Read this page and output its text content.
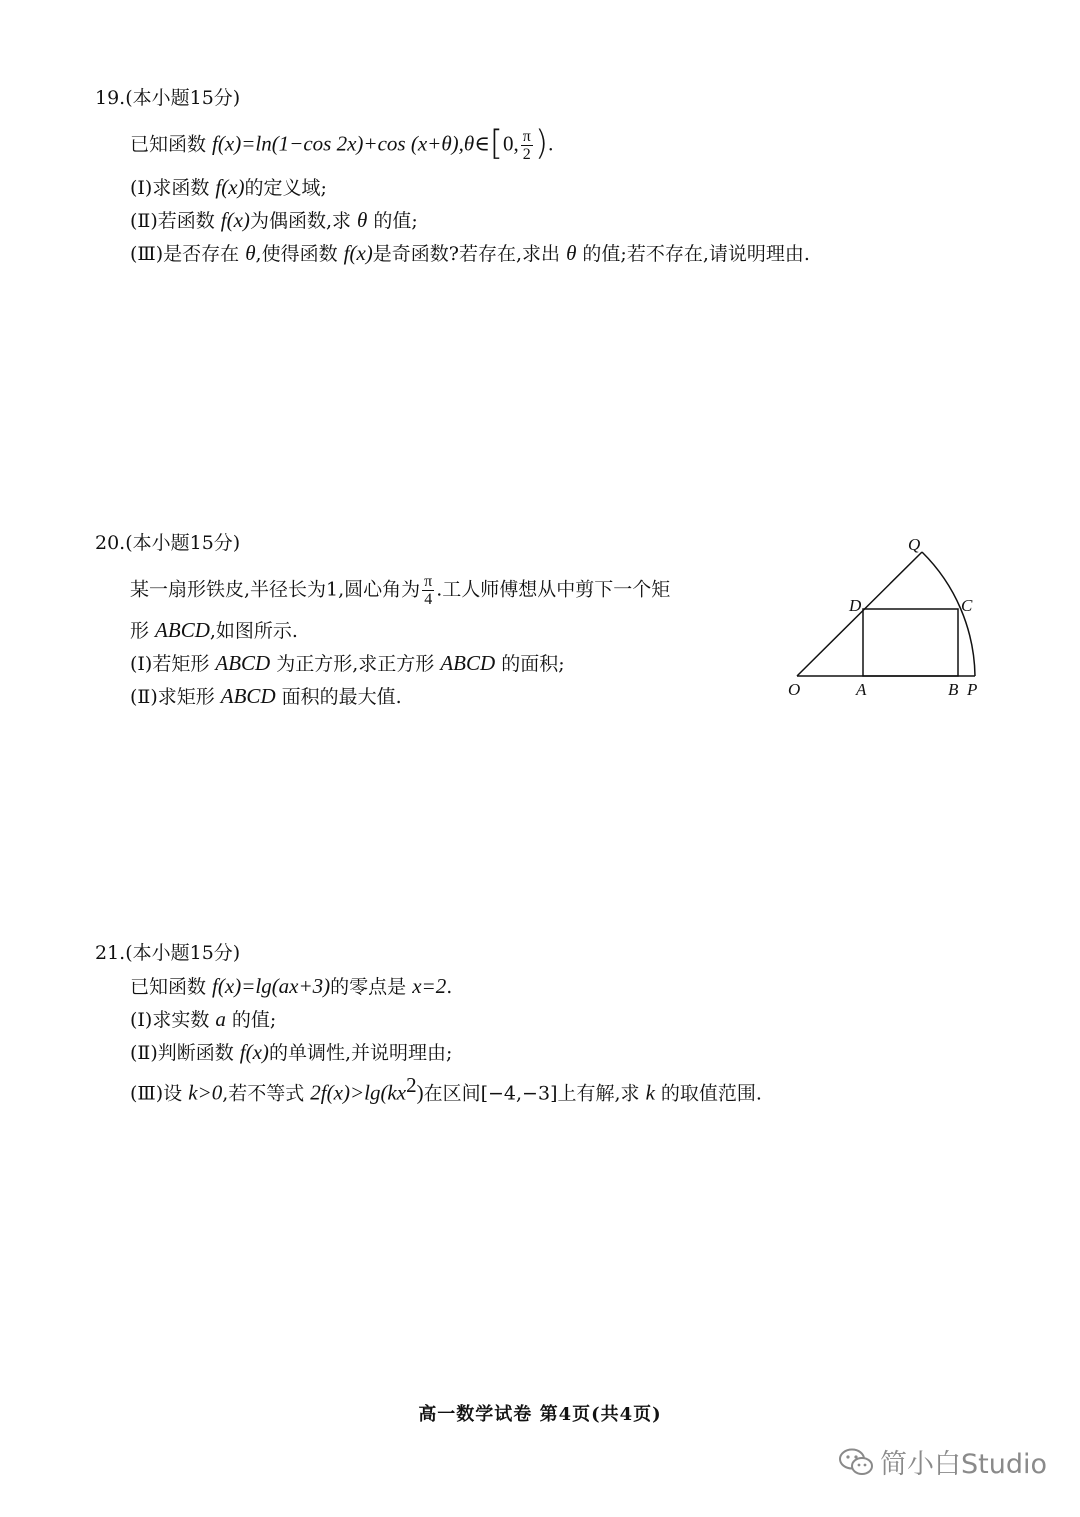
19.(本小题15分)
已知函数 f(x)=ln(1−cos 2x)+cos (x+θ),θ∈[0, $\frac{\pi}{2}$ ).
(Ⅰ)求函数 f(x)的定义域;
(Ⅱ)若函数 f(x)为偶函数,求 θ 的值;
(Ⅲ)是否存在 θ,使得函数 f(x)是奇函数?若存在,求出 θ 的值;若不存在,请说明理由.
20.(本小题15分)
某一扇形铁皮,半径长为1,圆心角为 $\frac{\pi}{4}$ .工人师傅想从中剪下一个矩
形 ABCD,如图所示.
(Ⅰ)若矩形 ABCD 为正方形,求正方形 ABCD 的面积;
(Ⅱ)求矩形 ABCD 面积的最大值.
Q
D	C
O	A	B P
21.(本小题15分)
已知函数 f(x)=lg(ax+3)的零点是 x=2.
(Ⅰ)求实数 a 的值;
(Ⅱ)判断函数 f(x)的单调性,并说明理由;
(Ⅲ)设 k>0,若不等式 $2f(x)>\lg(kx^2)$在区间[−4,−3]上有解,求 k 的取值范围.
高一数学试卷 第4页(共4页)
简小白Studio
